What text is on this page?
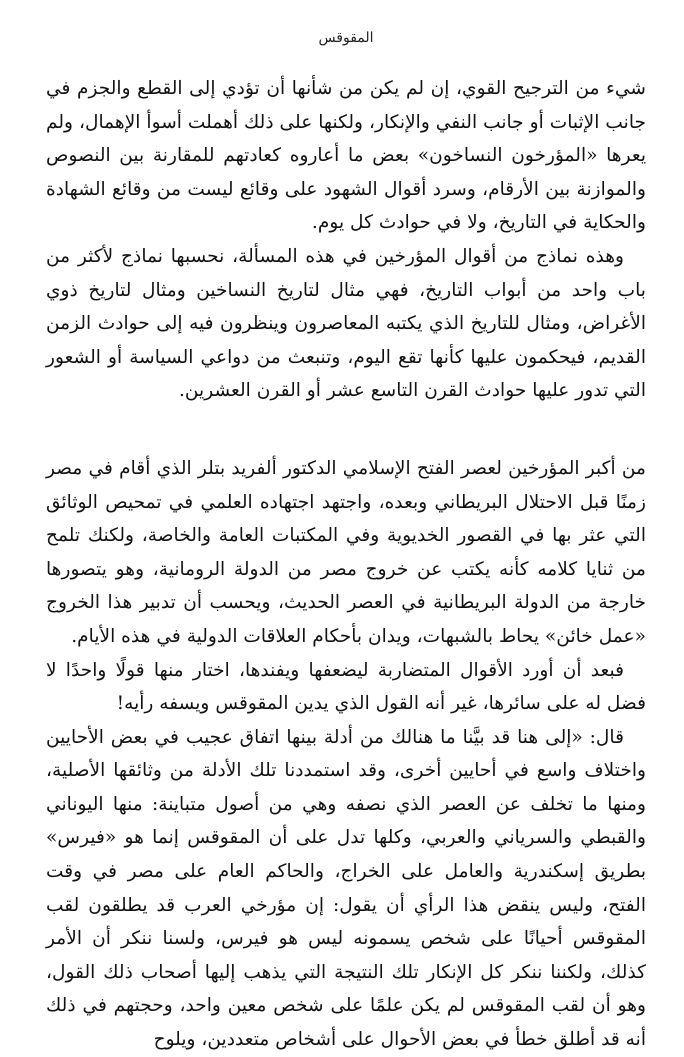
المقوقس

شيء من الترجيح القوي، إن لم يكن من شأنها أن تؤدي إلى القطع والجزم في جانب الإثبات أو جانب النفي والإنكار، ولكنها على ذلك أهملت أسوأ الإهمال، ولم يعرها «المؤرخون النساخون» بعض ما أعاروه كعادتهم للمقارنة بين النصوص والموازنة بين الأرقام، وسرد أقوال الشهود على وقائع ليست من وقائع الشهادة والحكاية في التاريخ، ولا في حوادث كل يوم.

وهذه نماذج من أقوال المؤرخين في هذه المسألة، نحسبها نماذج لأكثر من باب واحد من أبواب التاريخ، فهي مثال لتاريخ النساخين ومثال لتاريخ ذوي الأغراض، ومثال للتاريخ الذي يكتبه المعاصرون وينظرون فيه إلى حوادث الزمن القديم، فيحكمون عليها كأنها تقع اليوم، وتنبعث من دواعي السياسة أو الشعور التي تدور عليها حوادث القرن التاسع عشر أو القرن العشرين.

من أكبر المؤرخين لعصر الفتح الإسلامي الدكتور ألفريد بتلر الذي أقام في مصر زمنًا قبل الاحتلال البريطاني وبعده، واجتهد اجتهاده العلمي في تمحيص الوثائق التي عثر بها في القصور الخديوية وفي المكتبات العامة والخاصة، ولكنك تلمح من ثنايا كلامه كأنه يكتب عن خروج مصر من الدولة الرومانية، وهو يتصورها خارجة من الدولة البريطانية في العصر الحديث، ويحسب أن تدبير هذا الخروج «عمل خائن» يحاط بالشبهات، ويدان بأحكام العلاقات الدولية في هذه الأيام.

فبعد أن أورد الأقوال المتضاربة ليضعفها ويفندها، اختار منها قولًا واحدًا لا فضل له على سائرها، غير أنه القول الذي يدين المقوقس ويسفه رأيه!

قال: «إلى هنا قد بيَّنا ما هنالك من أدلة بينها اتفاق عجيب في بعض الأحايين واختلاف واسع في أحايين أخرى، وقد استمددنا تلك الأدلة من وثائقها الأصلية، ومنها ما تخلف عن العصر الذي نصفه وهي من أصول متباينة: منها اليوناني والقبطي والسرياني والعربي، وكلها تدل على أن المقوقس إنما هو «فيرس» بطريق إسكندرية والعامل على الخراج، والحاكم العام على مصر في وقت الفتح، وليس ينقض هذا الرأي أن يقول: إن مؤرخي العرب قد يطلقون لقب المقوقس أحيانًا على شخص يسمونه ليس هو فيرس، ولسنا ننكر أن الأمر كذلك، ولكننا ننكر كل الإنكار تلك النتيجة التي يذهب إليها أصحاب ذلك القول، وهو أن لقب المقوقس لم يكن علمًا على شخص معين واحد، وحجتهم في ذلك أنه قد أطلق خطأ في بعض الأحوال على أشخاص متعددين، ويلوح
